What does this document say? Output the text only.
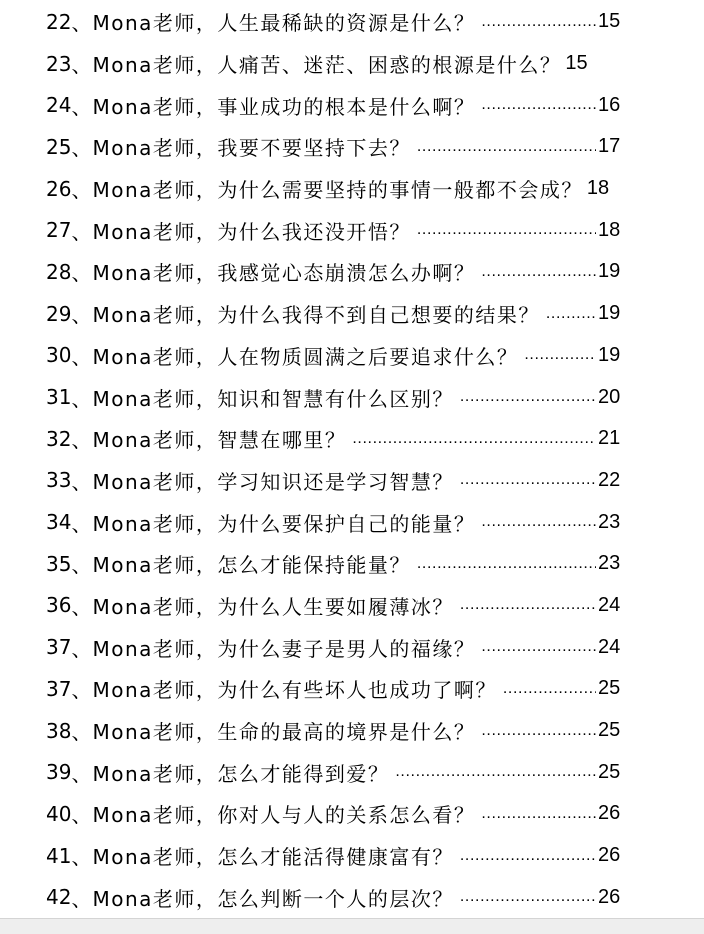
22 、 Mona老师，人生最稀缺的资源是什么？ .....	15
23 、 Mona老师，人痛苦、迷茫、困惑的根源是什么？ 15
24 、 Mona老师，事业成功的根本是什么啊？ .....	16
25 、 Mona老师，我要不要坚持下去？ .....	17
26 、 Mona老师，为什么需要坚持的事情一般都不会成？ 18
27 、 Mona老师，为什么我还没开悟？ .....	18
28 、 Mona老师，我感觉心态崩溃怎么办啊？ .....	19
29 、 Mona老师，为什么我得不到自己想要的结果？ .....	19
30 、 Mona老师，人在物质圆满之后要追求什么？ .....	19
31 、 Mona老师，知识和智慧有什么区别？ .....	20
32 、 Mona老师，智慧在哪里？ .....	21
33 、 Mona老师，学习知识还是学习智慧？ .....	22
34 、 Mona老师，为什么要保护自己的能量？ .....	23
35 、 Mona老师，怎么才能保持能量？ .....	23
36 、 Mona老师，为什么人生要如履薄冰？ .....	24
37 、 Mona老师，为什么妻子是男人的福缘？ .....	24
37 、 Mona老师，为什么有些坏人也成功了啊？ .....	25
38 、 Mona老师，生命的最高的境界是什么？ .....	25
39 、 Mona老师，怎么才能得到爱？ .....	25
40 、 Mona老师，你对人与人的关系怎么看？ .....	26
41 、 Mona老师，怎么才能活得健康富有？ .....	26
42 、 Mona老师，怎么判断一个人的层次？ .....	26
